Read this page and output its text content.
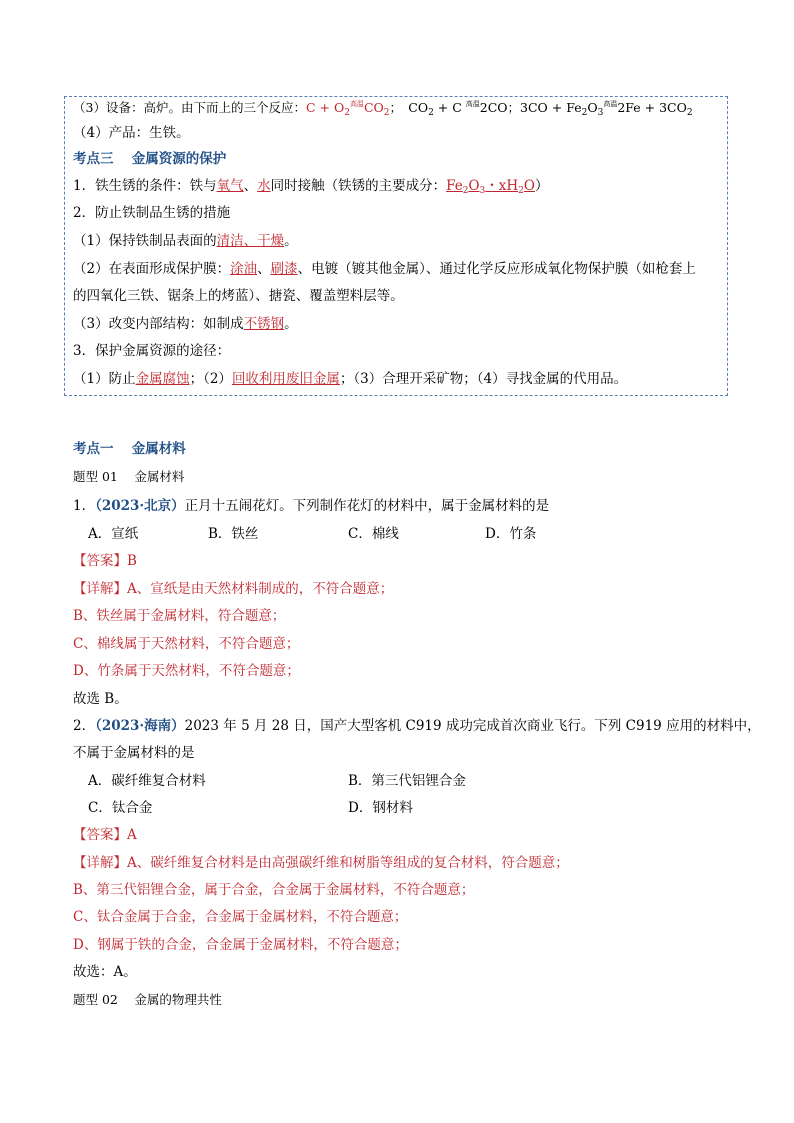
（3）设备：高炉。由下而上的三个反应：$C + O_2^{高温}CO_2$；　$CO_2 + C$ $^{高温}$2CO；$3CO + Fe_2O_3^{高温}2Fe + 3CO_2$
（4）产品：生铁。
考点三　 金属资源的保护
1．铁生锈的条件：铁与氧气、水同时接触（铁锈的主要成分：$Fe_2O_3$・$xH_2O$）
2．防止铁制品生锈的措施
（1）保持铁制品表面的清洁、干燥。
（2）在表面形成保护膜：涂油、刷漆、电镀（镀其他金属）、通过化学反应形成氧化物保护膜（如枪套上
的四氧化三铁、锯条上的烤蓝）、搪瓷、覆盖塑料层等。
（3）改变内部结构：如制成不锈钢。
3．保护金属资源的途径：
（1）防止金属腐蚀；（2）回收利用废旧金属；（3）合理开采矿物；（4）寻找金属的代用品。
考点一　 金属材料
题型 01　 金属材料
1．（2023·北京）正月十五闹花灯。下列制作花灯的材料中，属于金属材料的是
A．宣纸	B．铁丝	C．棉线	D．竹条
【答案】B
【详解】A、宣纸是由天然材料制成的，不符合题意；
B、铁丝属于金属材料，符合题意；
C、棉线属于天然材料，不符合题意；
D、竹条属于天然材料，不符合题意；
故选 B。
2．（2023·海南）2023 年 5 月 28 日，国产大型客机 C919 成功完成首次商业飞行。下列 C919 应用的材料中，
不属于金属材料的是
A．碳纤维复合材料	B．第三代铝锂合金
C．钛合金	D．钢材料
【答案】A
【详解】A、碳纤维复合材料是由高强碳纤维和树脂等组成的复合材料，符合题意；
B、第三代铝锂合金，属于合金，合金属于金属材料，不符合题意；
C、钛合金属于合金，合金属于金属材料，不符合题意；
D、钢属于铁的合金，合金属于金属材料，不符合题意；
故选：A。
题型 02　 金属的物理共性
